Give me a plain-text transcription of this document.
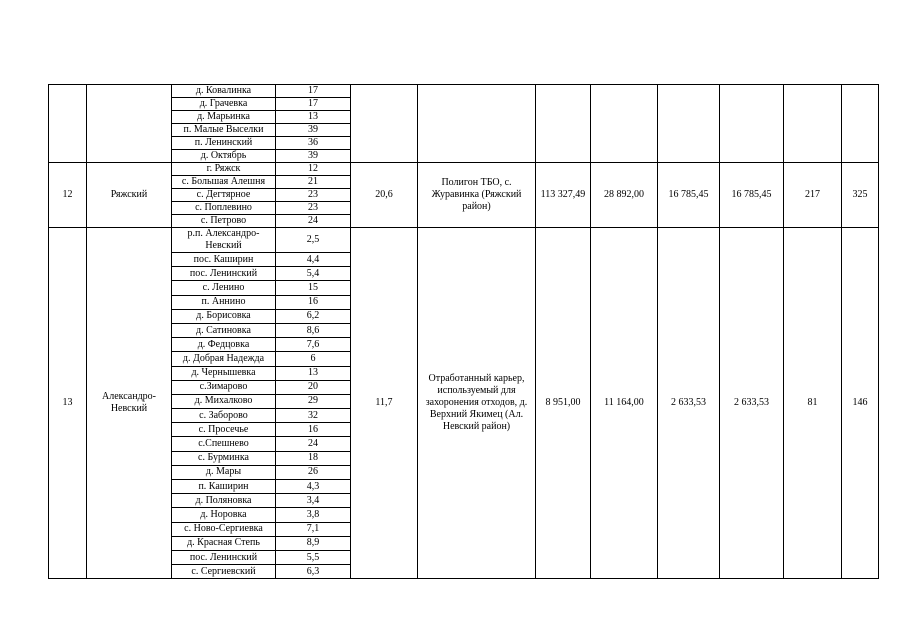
		д. Ковалинка	17								
		д. Грачевка	17								
		д. Марьинка	13								
		п. Малые Выселки	39								
		п. Ленинский	36								
		д. Октябрь	39								
12	Ряжский	г. Ряжск	12	20,6	Полигон ТБО, с. Журавинка (Ряжский район)	113 327,49	28 892,00	16 785,45	16 785,45	217	325
		с. Большая Алешня	21								
		с. Дегтярное	23								
		с. Поплевино	23								
		с. Петрово	24								
13	Александро-Невский	р.п. Александро-Невский	2,5	11,7	Отработанный карьер, используемый для захоронения отходов, д. Верхний Якимец (Ал. Невский район)	8 951,00	11 164,00	2 633,53	2 633,53	81	146
		пос. Каширин	4,4								
		пос. Ленинский	5,4								
		с. Ленино	15								
		п. Аннино	16								
		д. Борисовка	6,2								
		д. Сатиновка	8,6								
		д. Федцовка	7,6								
		д. Добрая Надежда	6								
		д. Чернышевка	13								
		с.Зимарово	20								
		д. Михалково	29								
		с. Заборово	32								
		с. Просечье	16								
		с.Спешнево	24								
		с. Бурминка	18								
		д. Мары	26								
		п. Каширин	4,3								
		д. Поляновка	3,4								
		д. Норовка	3,8								
		с. Ново-Сергиевка	7,1								
		д. Красная Степь	8,9								
		пос. Ленинский	5,5								
		с. Сергиевский	6,3								
